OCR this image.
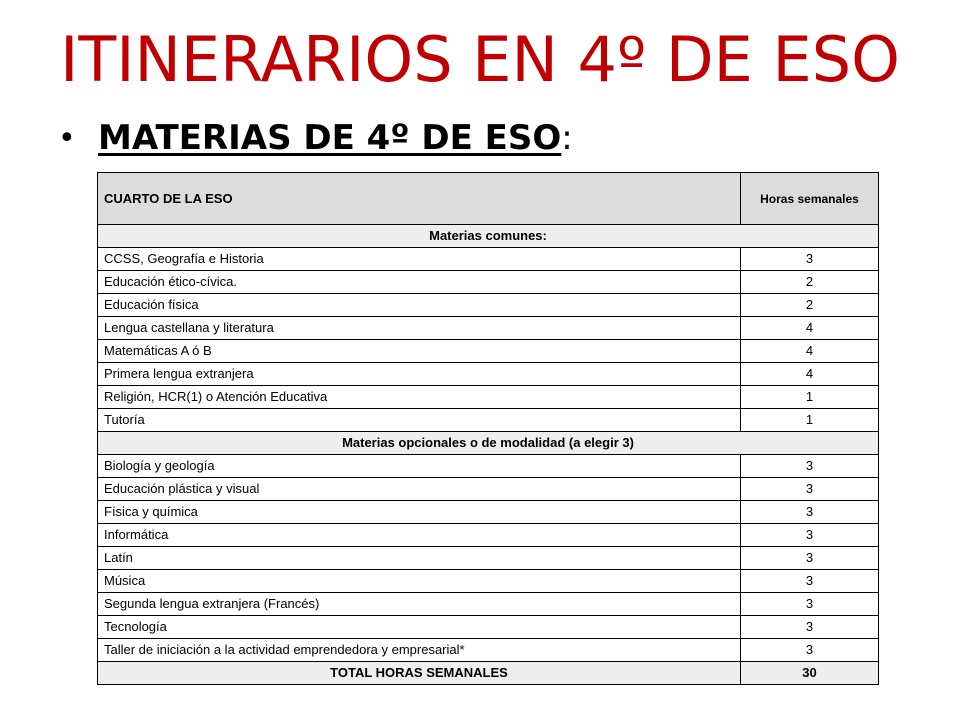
ITINERARIOS EN 4º DE ESO
• MATERIAS DE 4º DE ESO :
CUARTO DE LA ESO	Horas semanales
Materias comunes:	
CCSS, Geografía e Historia	3
Educación ético-cívica.	2
Educación física	2
Lengua castellana y literatura	4
Matemáticas A ó B	4
Primera lengua extranjera	4
Religión, HCR(1) o Atención Educativa	1
Tutoría	1
Materias opcionales o de modalidad (a elegir 3)	
Biología y geología	3
Educación plástica y visual	3
Física y química	3
Informática	3
Latín	3
Música	3
Segunda lengua extranjera (Francés)	3
Tecnología	3
Taller de iniciación a la actividad emprendedora y empresarial*	3
TOTAL HORAS SEMANALES	30
